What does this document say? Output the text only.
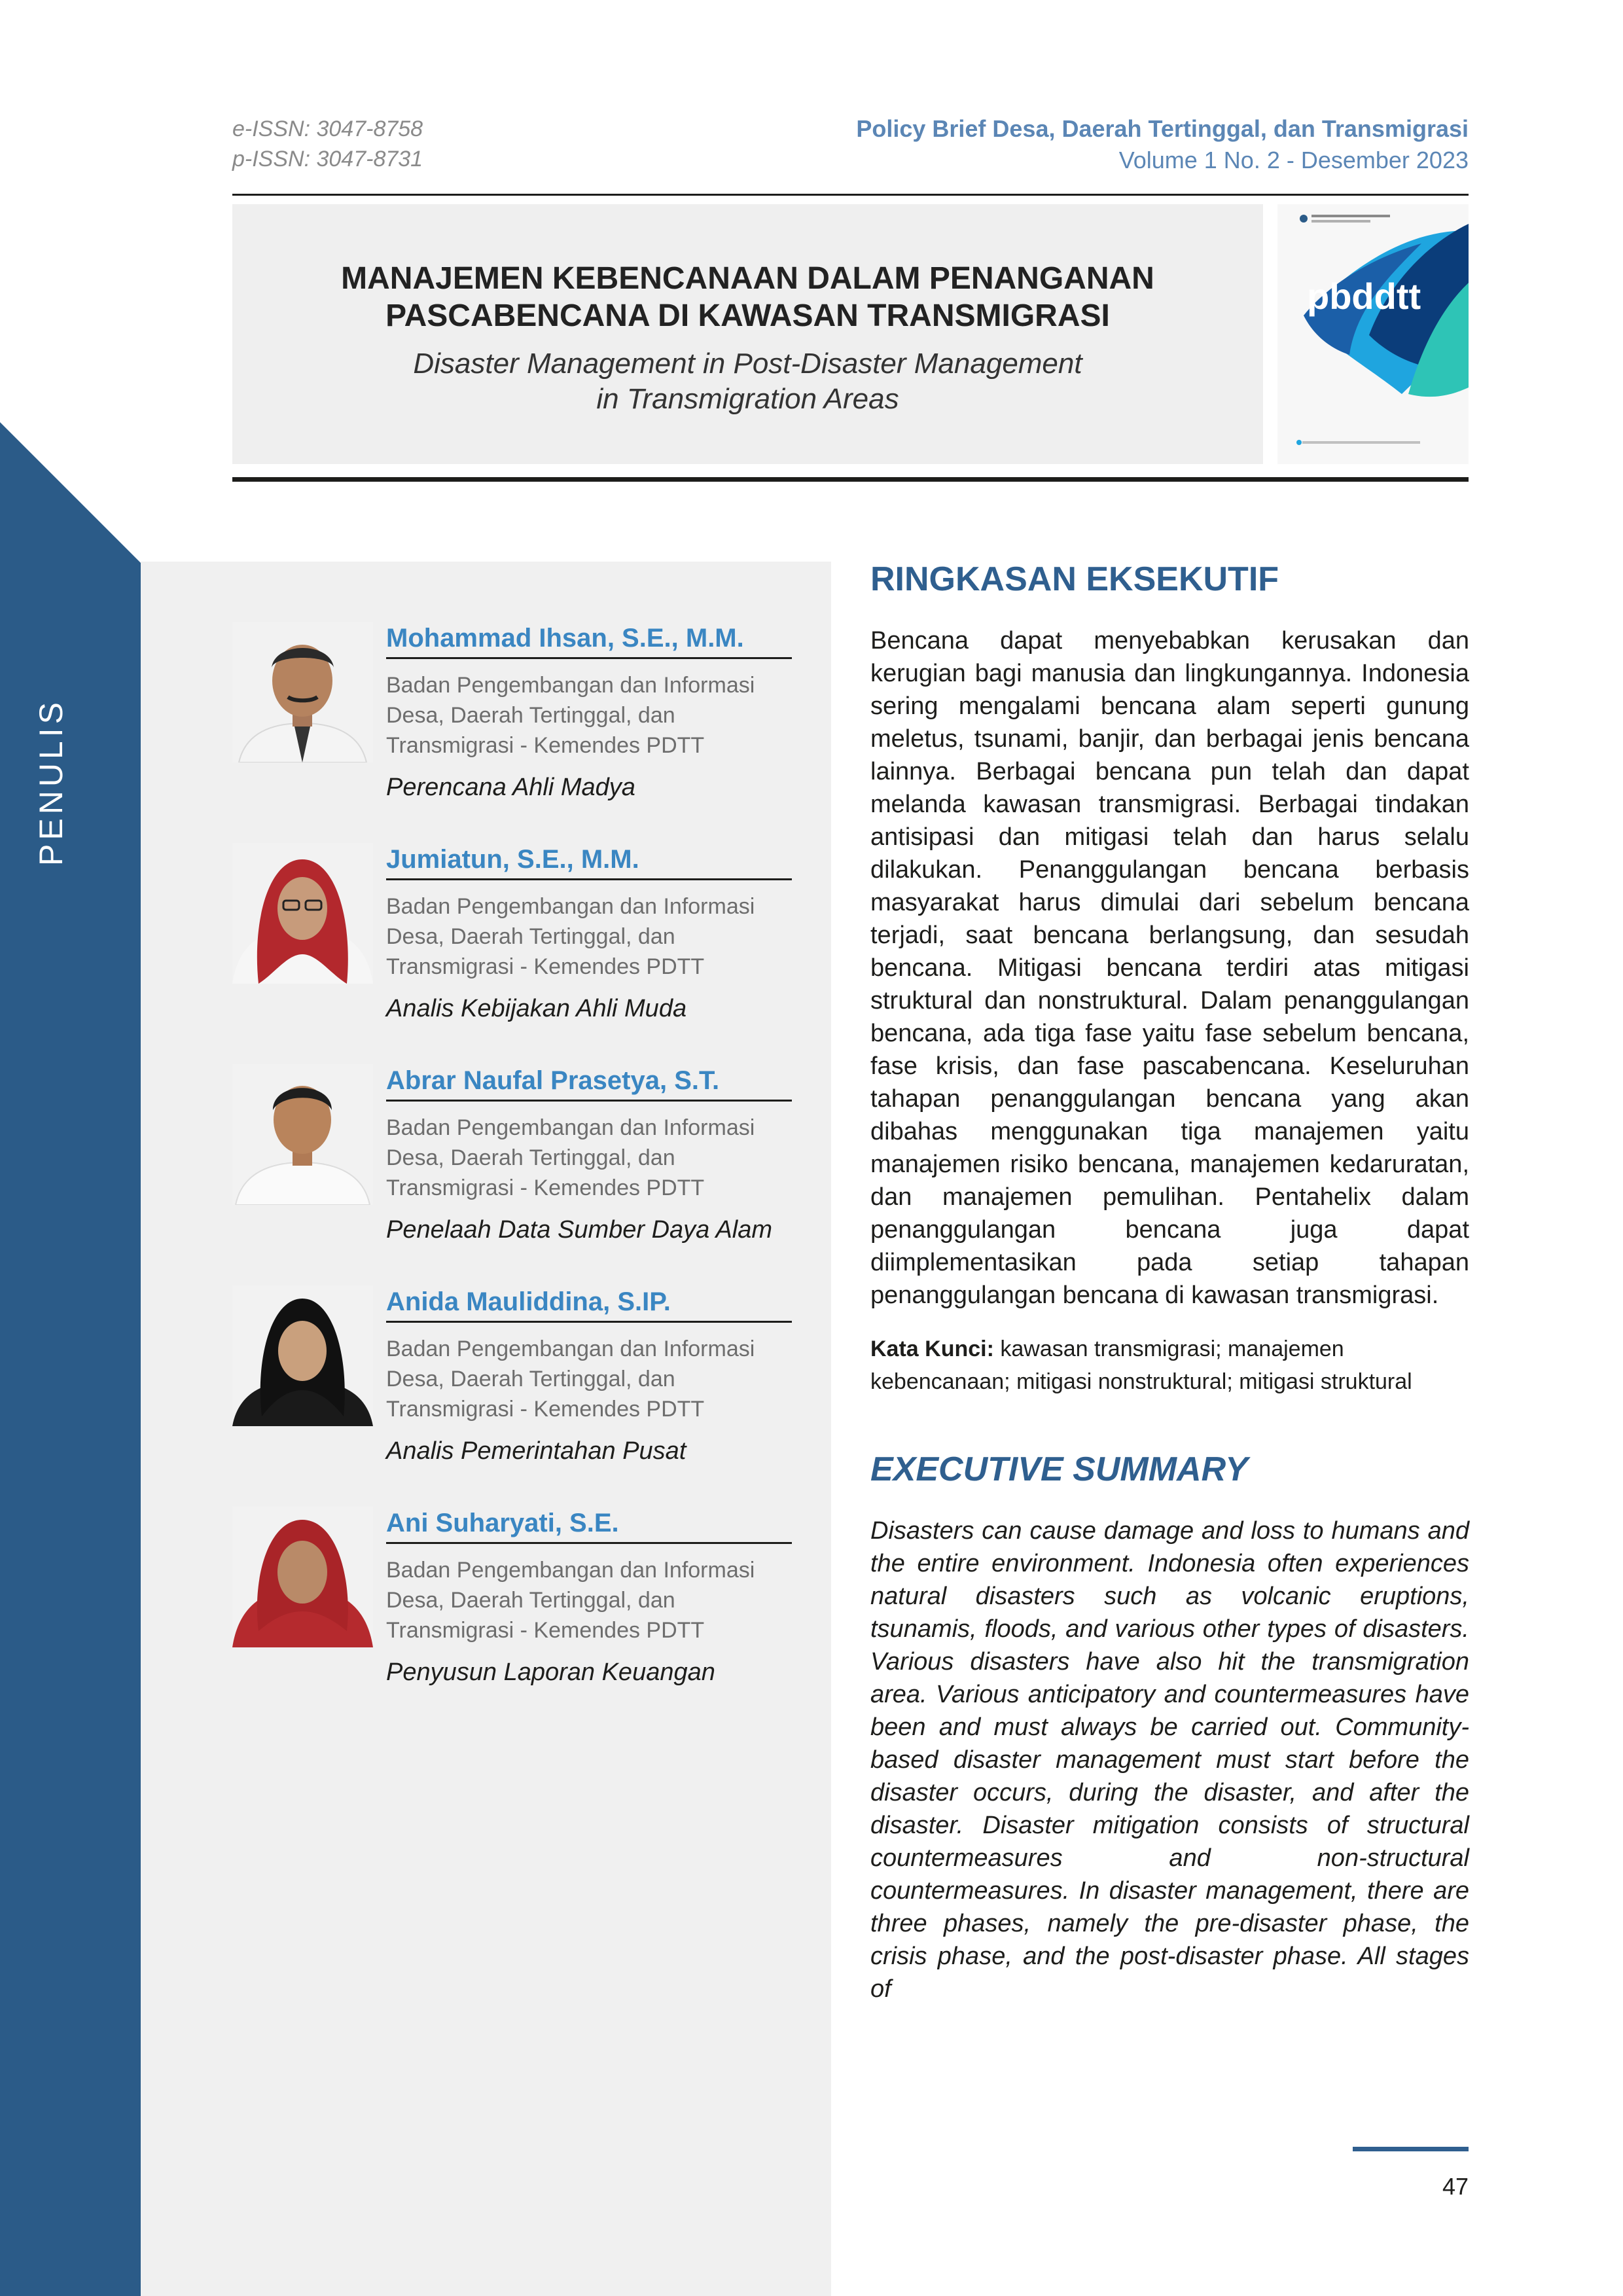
PENULIS
e-ISSN: 3047-8758
p-ISSN: 3047-8731
Policy Brief Desa, Daerah Tertinggal, dan Transmigrasi
Volume 1 No. 2 - Desember 2023
MANAJEMEN KEBENCANAAN DALAM PENANGANAN
PASCABENCANA DI KAWASAN TRANSMIGRASI
Disaster Management in Post-Disaster Management
in Transmigration Areas
pbddtt
Mohammad Ihsan, S.E., M.M.
Badan Pengembangan dan Informasi
Desa, Daerah Tertinggal, dan
Transmigrasi - Kemendes PDTT
Perencana Ahli Madya
Jumiatun, S.E., M.M.
Badan Pengembangan dan Informasi
Desa, Daerah Tertinggal, dan
Transmigrasi - Kemendes PDTT
Analis Kebijakan Ahli Muda
Abrar Naufal Prasetya, S.T.
Badan Pengembangan dan Informasi
Desa, Daerah Tertinggal, dan
Transmigrasi - Kemendes PDTT
Penelaah Data Sumber Daya Alam
Anida Mauliddina, S.IP.
Badan Pengembangan dan Informasi
Desa, Daerah Tertinggal, dan
Transmigrasi - Kemendes PDTT
Analis Pemerintahan Pusat
Ani Suharyati, S.E.
Badan Pengembangan dan Informasi
Desa, Daerah Tertinggal, dan
Transmigrasi - Kemendes PDTT
Penyusun Laporan Keuangan
RINGKASAN EKSEKUTIF

Bencana dapat menyebabkan kerusakan dan kerugian bagi manusia dan lingkungannya. Indonesia sering mengalami bencana alam seperti gunung meletus, tsunami, banjir, dan berbagai jenis bencana lainnya. Berbagai bencana pun telah dan dapat melanda kawasan transmigrasi. Berbagai tindakan antisipasi dan mitigasi telah dan harus selalu dilakukan. Penanggulangan bencana berbasis masyarakat harus dimulai dari sebelum bencana terjadi, saat bencana berlangsung, dan sesudah bencana. Mitigasi bencana terdiri atas mitigasi struktural dan nonstruktural. Dalam penanggulangan bencana, ada tiga fase yaitu fase sebelum bencana, fase krisis, dan fase pascabencana. Keseluruhan tahapan penanggulangan bencana yang akan dibahas menggunakan tiga manajemen yaitu manajemen risiko bencana, manajemen kedaruratan, dan manajemen pemulihan. Pentahelix dalam penanggulangan bencana juga dapat diimplementasikan pada setiap tahapan penanggulangan bencana di kawasan transmigrasi.

Kata Kunci: kawasan transmigrasi; manajemen
kebencanaan; mitigasi nonstruktural; mitigasi struktural
EXECUTIVE SUMMARY

Disasters can cause damage and loss to humans and the entire environment. Indonesia often experiences natural disasters such as volcanic eruptions, tsunamis, floods, and various other types of disasters. Various disasters have also hit the transmigration area. Various anticipatory and countermeasures have been and must always be carried out. Community-based disaster management must start before the disaster occurs, during the disaster, and after the disaster. Disaster mitigation consists of structural countermeasures and non-structural countermeasures. In disaster management, there are three phases, namely the pre-disaster phase, the crisis phase, and the post-disaster phase. All stages of

47
